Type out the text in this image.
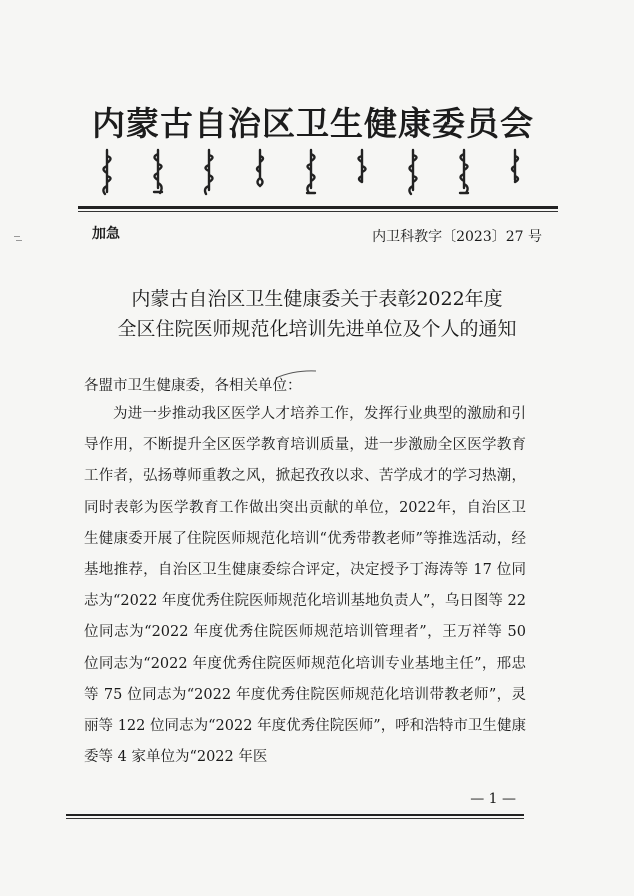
内蒙古自治区卫生健康委员会
加急	内卫科教字〔2023〕27 号
内蒙古自治区卫生健康委关于表彰2022年度
全区住院医师规范化培训先进单位及个人的通知
各盟市卫生健康委，各相关单位：
为进一步推动我区医学人才培养工作，发挥行业典型的激励和引导作用，不断提升全区医学教育培训质量，进一步激励全区医学教育工作者，弘扬尊师重教之风，掀起孜孜以求、苦学成才的学习热潮，同时表彰为医学教育工作做出突出贡献的单位，2022年，自治区卫生健康委开展了住院医师规范化培训“优秀带教老师”等推选活动，经基地推荐，自治区卫生健康委综合评定，决定授予丁海涛等 17 位同志为“2022 年度优秀住院医师规范化培训基地负责人”，乌日图等 22 位同志为“2022 年度优秀住院医师规范培训管理者”，王万祥等 50 位同志为“2022 年度优秀住院医师规范化培训专业基地主任”，邢忠等 75 位同志为“2022 年度优秀住院医师规范化培训带教老师”，灵丽等 122 位同志为“2022 年度优秀住院医师”，呼和浩特市卫生健康委等 4 家单位为“2022 年医
— 1 —
